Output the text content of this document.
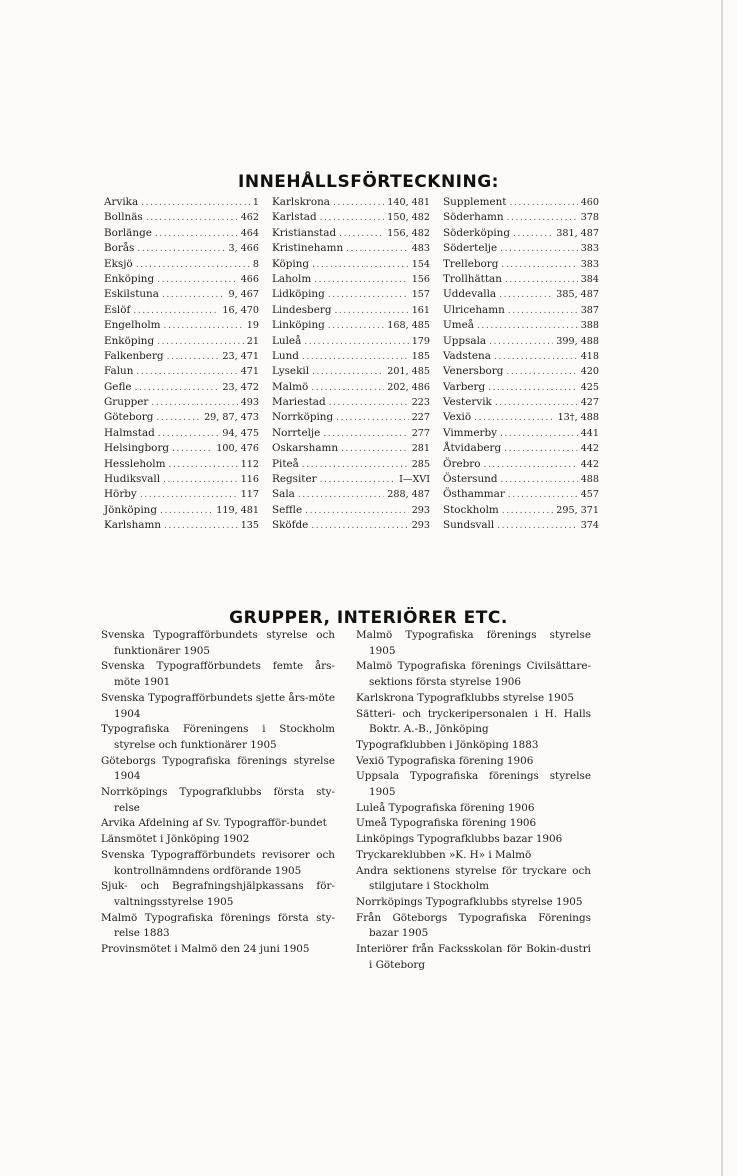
INNEHÅLLSFÖRTECKNING:
Arvika .....	1
Bollnäs .....	462
Borlänge .....	464
Borås .....	3, 466
Eksjö .....	8
Enköping .....	466
Eskilstuna .....	9, 467
Eslöf .....	16, 470
Engelholm .....	19
Enköping .....	21
Falkenberg .....	23, 471
Falun .....	471
Gefle .....	23, 472
Grupper .....	493
Göteborg .....	29, 87, 473
Halmstad .....	94, 475
Helsingborg .....	100, 476
Hessleholm .....	112
Hudiksvall .....	116
Hörby .....	117
Jönköping .....	119, 481
Karlshamn .....	135
Karlskrona .....	140, 481
Karlstad .....	150, 482
Kristianstad .....	156, 482
Kristinehamn .....	483
Köping .....	154
Laholm .....	156
Lidköping .....	157
Lindesberg .....	161
Linköping .....	168, 485
Luleå .....	179
Lund .....	185
Lysekil .....	201, 485
Malmö .....	202, 486
Mariestad .....	223
Norrköping .....	227
Norrtelje .....	277
Oskarshamn .....	281
Piteå .....	285
Regsiter .....	I—XVI
Sala .....	288, 487
Seffle .....	293
Sköfde .....	293
Supplement .....	460
Söderhamn .....	378
Söderköping .....	381, 487
Södertelje .....	383
Trelleborg .....	383
Trollhättan .....	384
Uddevalla .....	385, 487
Ulricehamn .....	387
Umeå .....	388
Uppsala .....	399, 488
Vadstena .....	418
Venersborg .....	420
Varberg .....	425
Vestervik .....	427
Vexiö .....	13†, 488
Vimmerby .....	441
Åtvidaberg .....	442
Örebro .....	442
Östersund .....	488
Östhammar .....	457
Stockholm .....	295, 371
Sundsvall .....	374
GRUPPER, INTERIÖRER ETC.
Svenska Typografförbundets styrelse och funktionärer 1905
Svenska Typografförbundets femte års-möte 1901
Svenska Typografförbundets sjette års-möte 1904
Typografiska Föreningens i Stockholm styrelse och funktionärer 1905
Göteborgs Typografiska förenings styrelse 1904
Norrköpings Typografklubbs första sty-relse
Arvika Afdelning af Sv. Typografför-bundet
Länsmötet i Jönköping 1902
Svenska Typografförbundets revisorer och kontrollnämndens ordförande 1905
Sjuk- och Begrafningshjälpkassans för-valtningsstyrelse 1905
Malmö Typografiska förenings första sty-relse 1883
Provinsmötet i Malmö den 24 juni 1905
Malmö Typografiska förenings styrelse 1905
Malmö Typografiska förenings Civilsättare-sektions första styrelse 1906
Karlskrona Typografklubbs styrelse 1905
Sätteri- och tryckeripersonalen i H. Halls Boktr. A.-B., Jönköping
Typografklubben i Jönköping 1883
Vexiö Typografiska förening 1906
Uppsala Typografiska förenings styrelse 1905
Luleå Typografiska förening 1906
Umeå Typografiska förening 1906
Linköpings Typografklubbs bazar 1906
Tryckareklubben »K. H» i Malmö
Andra sektionens styrelse för tryckare och stilgjutare i Stockholm
Norrköpings Typografklubbs styrelse 1905
Från Göteborgs Typografiska Förenings bazar 1905
Interiörer från Facksskolan för Bokin-dustri i Göteborg
